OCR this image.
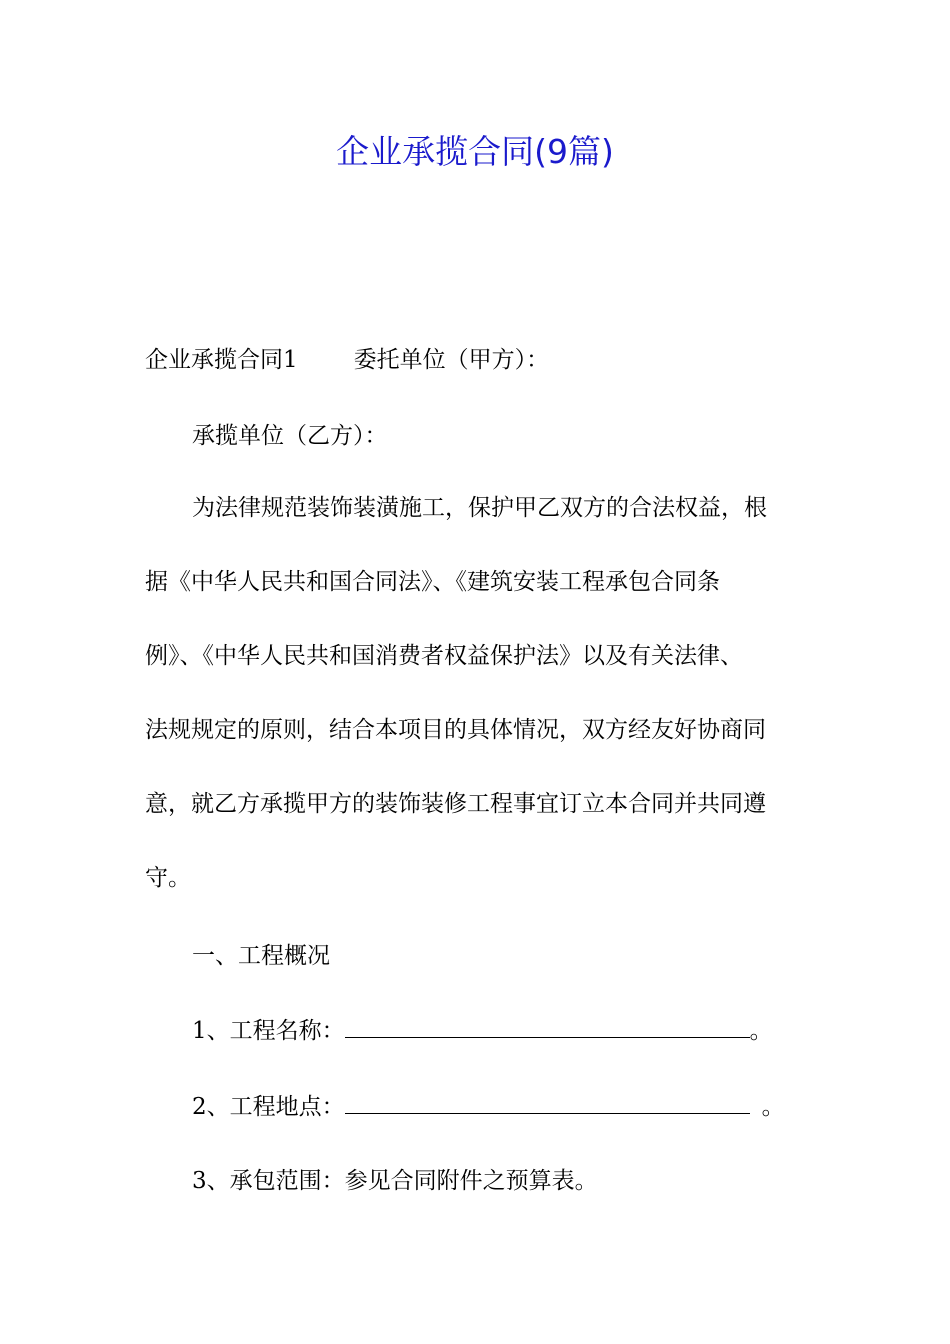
企业承揽合同(9篇)

企业承揽合同1 委托单位（甲方）：

承揽单位（乙方）：

为法律规范装饰装潢施工，保护甲乙双方的合法权益，根
据《中华人民共和国合同法》、《建筑安装工程承包合同条
例》、《中华人民共和国消费者权益保护法》以及有关法律、
法规规定的原则，结合本项目的具体情况，双方经友好协商同
意，就乙方承揽甲方的装饰装修工程事宜订立本合同并共同遵
守。

一、工程概况

1、工程名称：	。

2、工程地点：	。

3、承包范围：参见合同附件之预算表。
